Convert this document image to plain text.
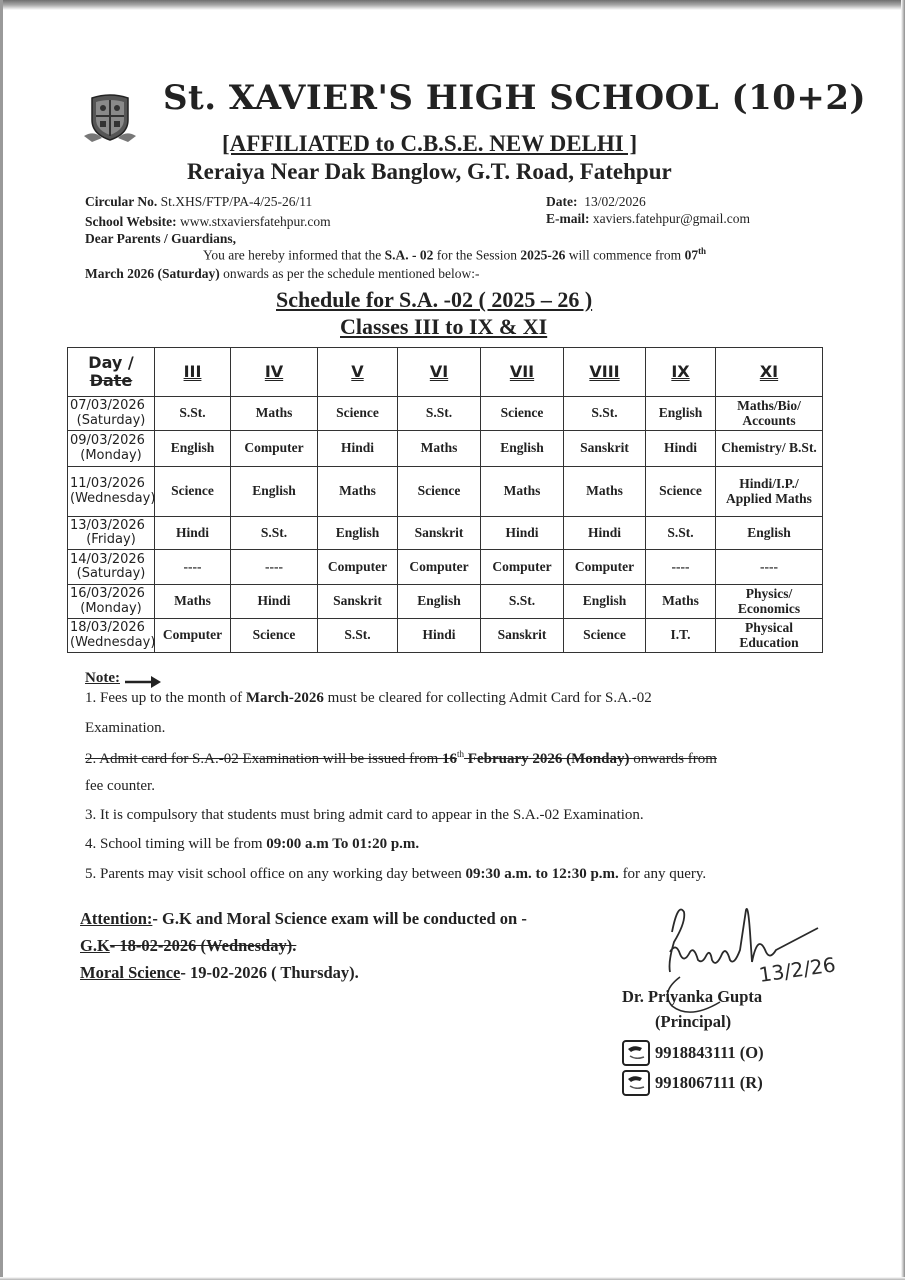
St. XAVIER'S HIGH SCHOOL (10+2)
[AFFILIATED to C.B.S.E. NEW DELHI ]
Reraiya Near Dak Banglow, G.T. Road, Fatehpur
Circular No. St.XHS/FTP/PA-4/25-26/11	Date: 13/02/2026
School Website: www.stxaviersfatehpur.com	E-mail: xaviers.fatehpur@gmail.com
Dear Parents / Guardians,
You are hereby informed that the S.A. - 02 for the Session 2025-26 will commence from 07th
March 2026 (Saturday) onwards as per the schedule mentioned below:-
Schedule for S.A. -02 ( 2025 – 26 )
Classes III to IX & XI
Day /
Date	III	IV	V	VI	VII	VIII	IX	XI

07/03/2026
(Saturday)	S.St.	Maths	Science	S.St.	Science	S.St.	English	Maths/Bio/ Accounts

09/03/2026
(Monday)	English	Computer	Hindi	Maths	English	Sanskrit	Hindi	Chemistry/ B.St.

11/03/2026
(Wednesday)	Science	English	Maths	Science	Maths	Maths	Science	Hindi/I.P./ Applied Maths

13/03/2026
(Friday)	Hindi	S.St.	English	Sanskrit	Hindi	Hindi	S.St.	English

14/03/2026
(Saturday)	----	----	Computer	Computer	Computer	Computer	----	----

16/03/2026
(Monday)	Maths	Hindi	Sanskrit	English	S.St.	English	Maths	Physics/ Economics

18/03/2026
(Wednesday)	Computer	Science	S.St.	Hindi	Sanskrit	Science	I.T.	Physical Education
Note:
1. Fees up to the month of March-2026 must be cleared for collecting Admit Card for S.A.-02
Examination.
2. Admit card for S.A.-02 Examination will be issued from 16th February 2026 (Monday) onwards from
fee counter.
3. It is compulsory that students must bring admit card to appear in the S.A.-02 Examination.
4. School timing will be from 09:00 a.m To 01:20 p.m.
5. Parents may visit school office on any working day between 09:30 a.m. to 12:30 p.m. for any query.
Attention:- G.K and Moral Science exam will be conducted on -
G.K- 18-02-2026 (Wednesday).
Moral Science- 19-02-2026 ( Thursday).	13/2/26
Dr. Priyanka Gupta
(Principal)
9918843111 (O)
9918067111 (R)
